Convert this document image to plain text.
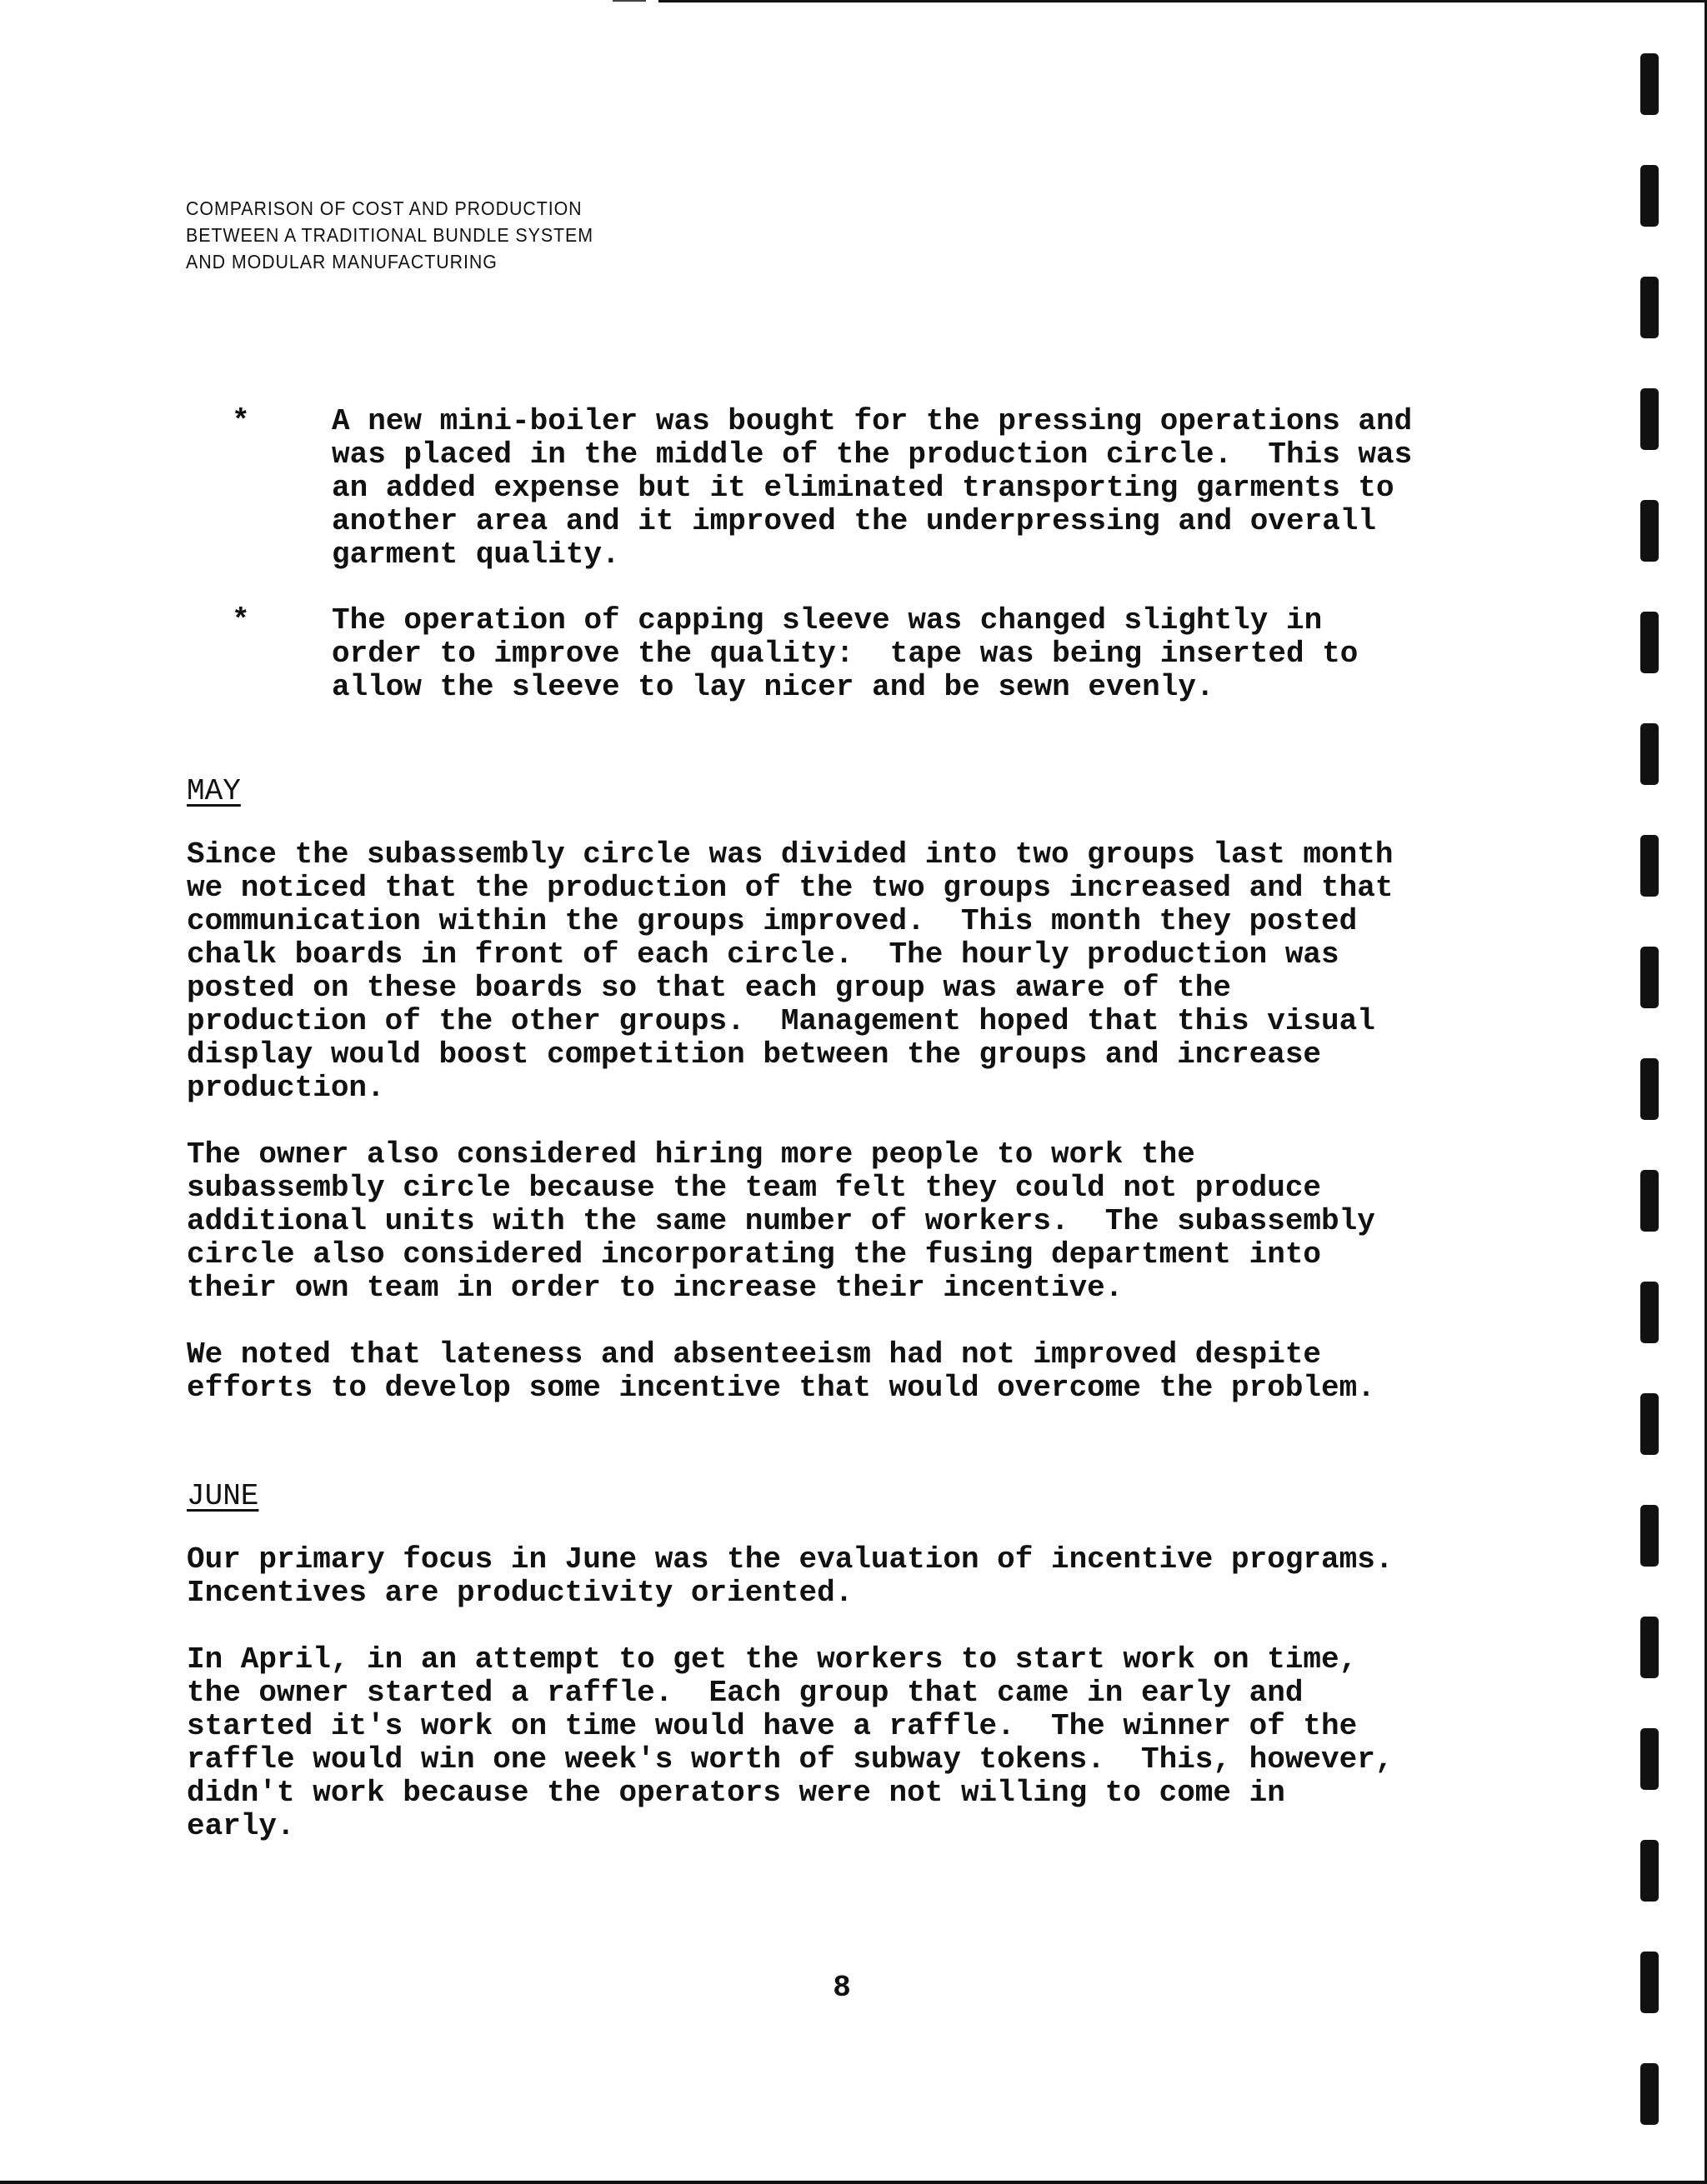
COMPARISON OF COST AND PRODUCTION
BETWEEN A TRADITIONAL BUNDLE SYSTEM
AND MODULAR MANUFACTURING
*	A new mini-boiler was bought for the pressing operations and
was placed in the middle of the production circle.  This was
an added expense but it eliminated transporting garments to
another area and it improved the underpressing and overall
garment quality.
*	The operation of capping sleeve was changed slightly in
order to improve the quality:  tape was being inserted to
allow the sleeve to lay nicer and be sewn evenly.
MAY
Since the subassembly circle was divided into two groups last month
we noticed that the production of the two groups increased and that
communication within the groups improved.  This month they posted
chalk boards in front of each circle.  The hourly production was
posted on these boards so that each group was aware of the
production of the other groups.  Management hoped that this visual
display would boost competition between the groups and increase
production.
The owner also considered hiring more people to work the
subassembly circle because the team felt they could not produce
additional units with the same number of workers.  The subassembly
circle also considered incorporating the fusing department into
their own team in order to increase their incentive.
We noted that lateness and absenteeism had not improved despite
efforts to develop some incentive that would overcome the problem.
JUNE
Our primary focus in June was the evaluation of incentive programs.
Incentives are productivity oriented.
In April, in an attempt to get the workers to start work on time,
the owner started a raffle.  Each group that came in early and
started it's work on time would have a raffle.  The winner of the
raffle would win one week's worth of subway tokens.  This, however,
didn't work because the operators were not willing to come in
early.
8
